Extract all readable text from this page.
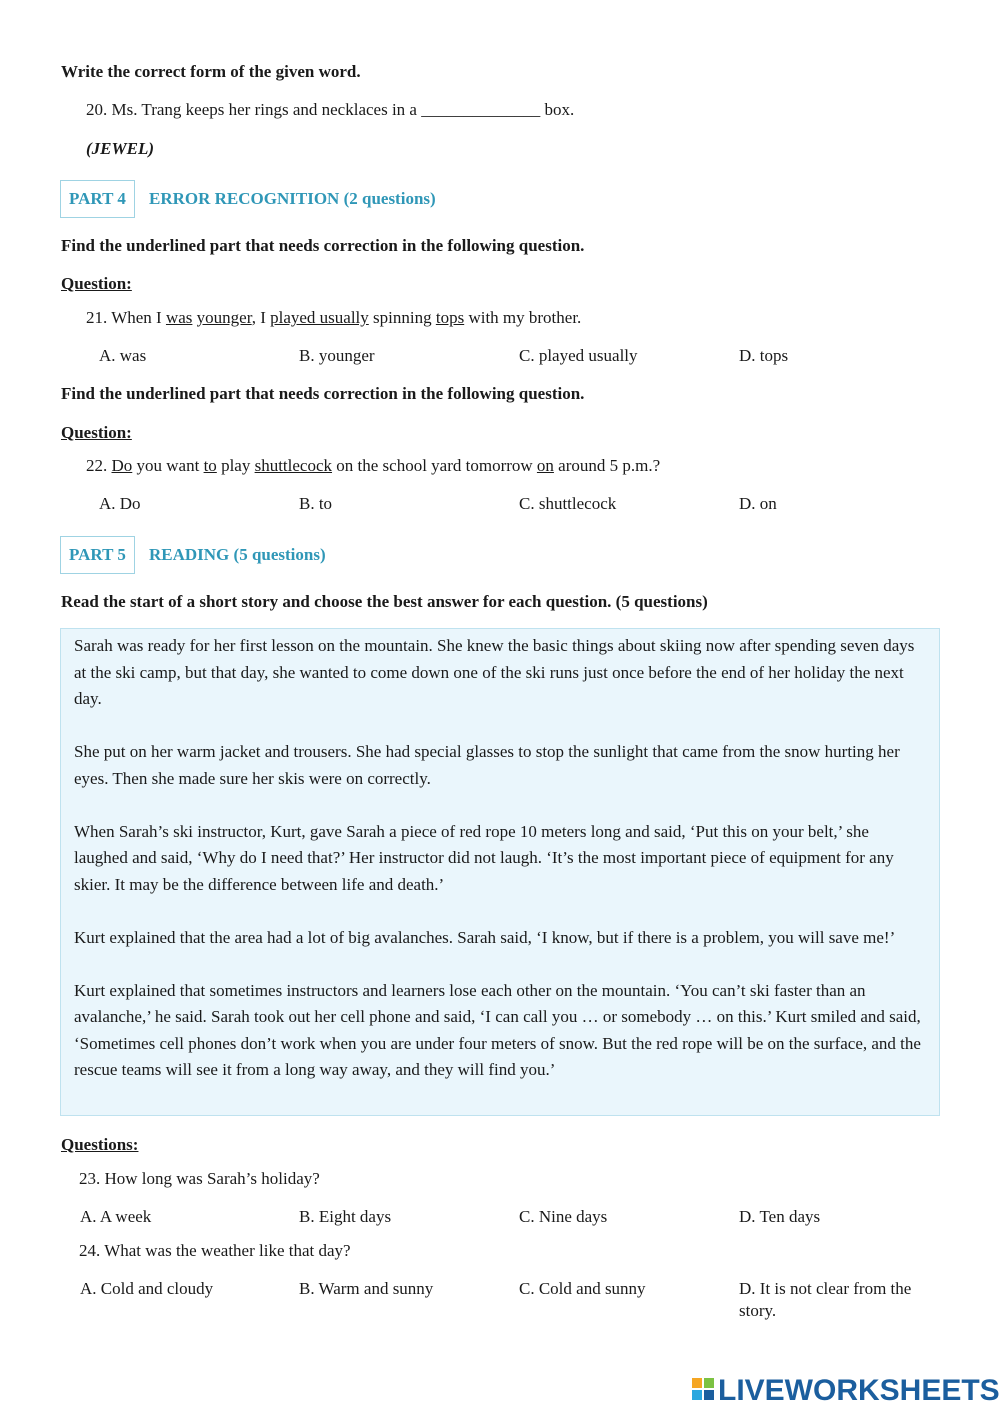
Write the correct form of the given word.
20. Ms. Trang keeps her rings and necklaces in a ______________ box.
(JEWEL)
PART 4	ERROR RECOGNITION (2 questions)
Find the underlined part that needs correction in the following question.
Question:
21. When I was younger, I played usually spinning tops with my brother.
A. was	B. younger	C. played usually	D. tops
Find the underlined part that needs correction in the following question.
Question:
22. Do you want to play shuttlecock on the school yard tomorrow on around 5 p.m.?
A. Do	B. to	C. shuttlecock	D. on
PART 5	READING (5 questions)
Read the start of a short story and choose the best answer for each question. (5 questions)

Sarah was ready for her first lesson on the mountain. She knew the basic things about skiing now after spending seven days at the ski camp, but that day, she wanted to come down one of the ski runs just once before the end of her holiday the next day.

She put on her warm jacket and trousers. She had special glasses to stop the sunlight that came from the snow hurting her eyes. Then she made sure her skis were on correctly.

When Sarah’s ski instructor, Kurt, gave Sarah a piece of red rope 10 meters long and said, ‘Put this on your belt,’ she laughed and said, ‘Why do I need that?’ Her instructor did not laugh. ‘It’s the most important piece of equipment for any skier. It may be the difference between life and death.’

Kurt explained that the area had a lot of big avalanches. Sarah said, ‘I know, but if there is a problem, you will save me!’

Kurt explained that sometimes instructors and learners lose each other on the mountain. ‘You can’t ski faster than an avalanche,’ he said. Sarah took out her cell phone and said, ‘I can call you … or somebody … on this.’ Kurt smiled and said, ‘Sometimes cell phones don’t work when you are under four meters of snow. But the red rope will be on the surface, and the rescue teams will see it from a long way away, and they will find you.’

Questions:
23. How long was Sarah’s holiday?
A. A week	B. Eight days	C. Nine days	D. Ten days
24. What was the weather like that day?
A. Cold and cloudy	B. Warm and sunny	C. Cold and sunny	D. It is not clear from the
story.
LIVEWORKSHEETS
